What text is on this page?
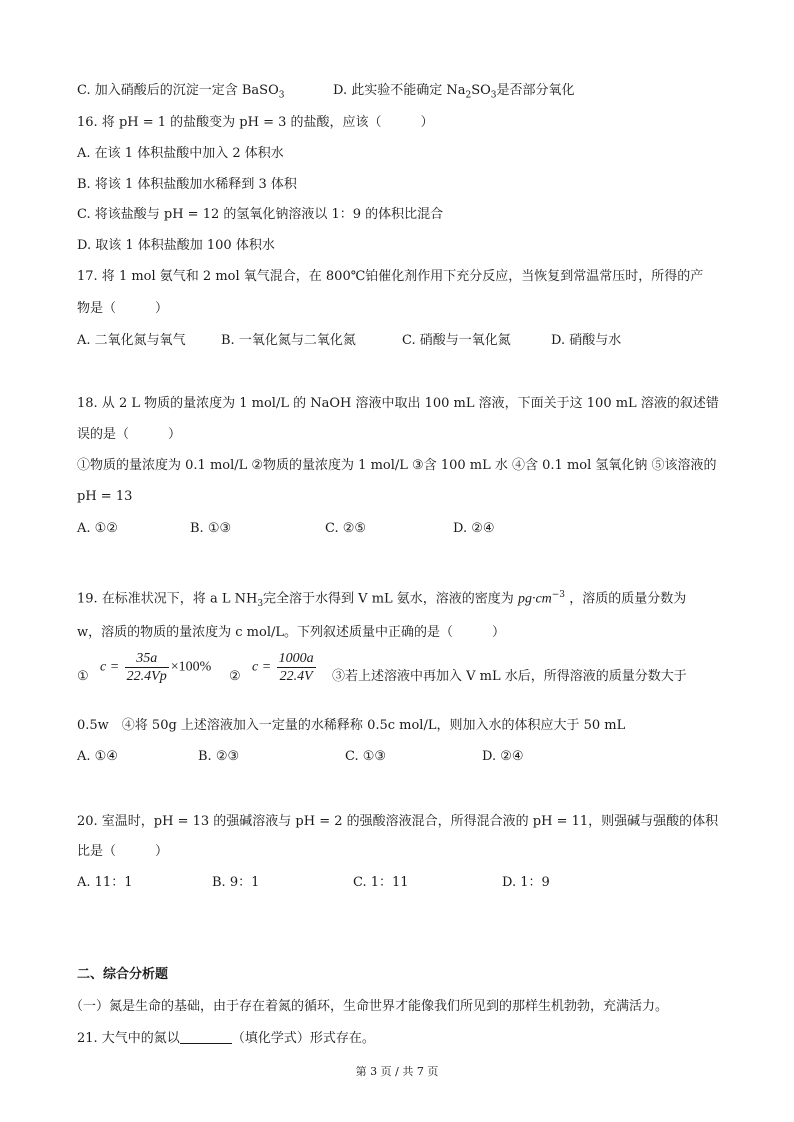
C. 加入硝酸后的沉淀一定含 BaSO$_3$	D. 此实验不能确定 $Na_2SO_3$是否部分氧化
16. 将 pH = 1 的盐酸变为 pH = 3 的盐酸，应该（　　　）
A. 在该 1 体积盐酸中加入 2 体积水
B. 将该 1 体积盐酸加水稀释到 3 体积
C. 将该盐酸与 pH = 12 的氢氧化钠溶液以 1：9 的体积比混合
D. 取该 1 体积盐酸加 100 体积水
17. 将 1 mol 氨气和 2 mol 氧气混合，在 800℃铂催化剂作用下充分反应，当恢复到常温常压时，所得的产
物是（　　　）
A. 二氧化氮与氧气	B. 一氧化氮与二氧化氮	C. 硝酸与一氧化氮	D. 硝酸与水
18. 从 2 L 物质的量浓度为 1 mol/L 的 NaOH 溶液中取出 100 mL 溶液，下面关于这 100 mL 溶液的叙述错
误的是（　　　）
①物质的量浓度为 0.1 mol/L ②物质的量浓度为 1 mol/L ③含 100 mL 水 ④含 0.1 mol 氢氧化钠 ⑤该溶液的
pH = 13
A. ①②	B. ①③	C. ②⑤	D. ②④
19. 在标准状况下，将 a L $NH_3$完全溶于水得到 V mL 氨水，溶液的密度为 $pg\cdot cm^{-3}$ ，溶质的质量分数为
w，溶质的物质的量浓度为 c mol/L。下列叙述质量中正确的是（　　　）
①
$c = \frac{35a}{22.4Vp} \times 100\%$
②
$c = \frac{1000a}{22.4V}$ ③若上述溶液中再加入 V mL 水后，所得溶液的质量分数大于
0.5w　④将 50g 上述溶液加入一定量的水稀释称 0.5c mol/L，则加入水的体积应大于 50 mL
A. ①④	B. ②③	C. ①③	D. ②④
20. 室温时，pH = 13 的强碱溶液与 pH = 2 的强酸溶液混合，所得混合液的 pH = 11，则强碱与强酸的体积
比是（　　　）
A. 11：1	B. 9：1	C. 1：11	D. 1：9
二、综合分析题
（一）氮是生命的基础，由于存在着氮的循环，生命世界才能像我们所见到的那样生机勃勃，充满活力。
21. 大气中的氮以	（填化学式）形式存在。
第 3 页 / 共 7 页
